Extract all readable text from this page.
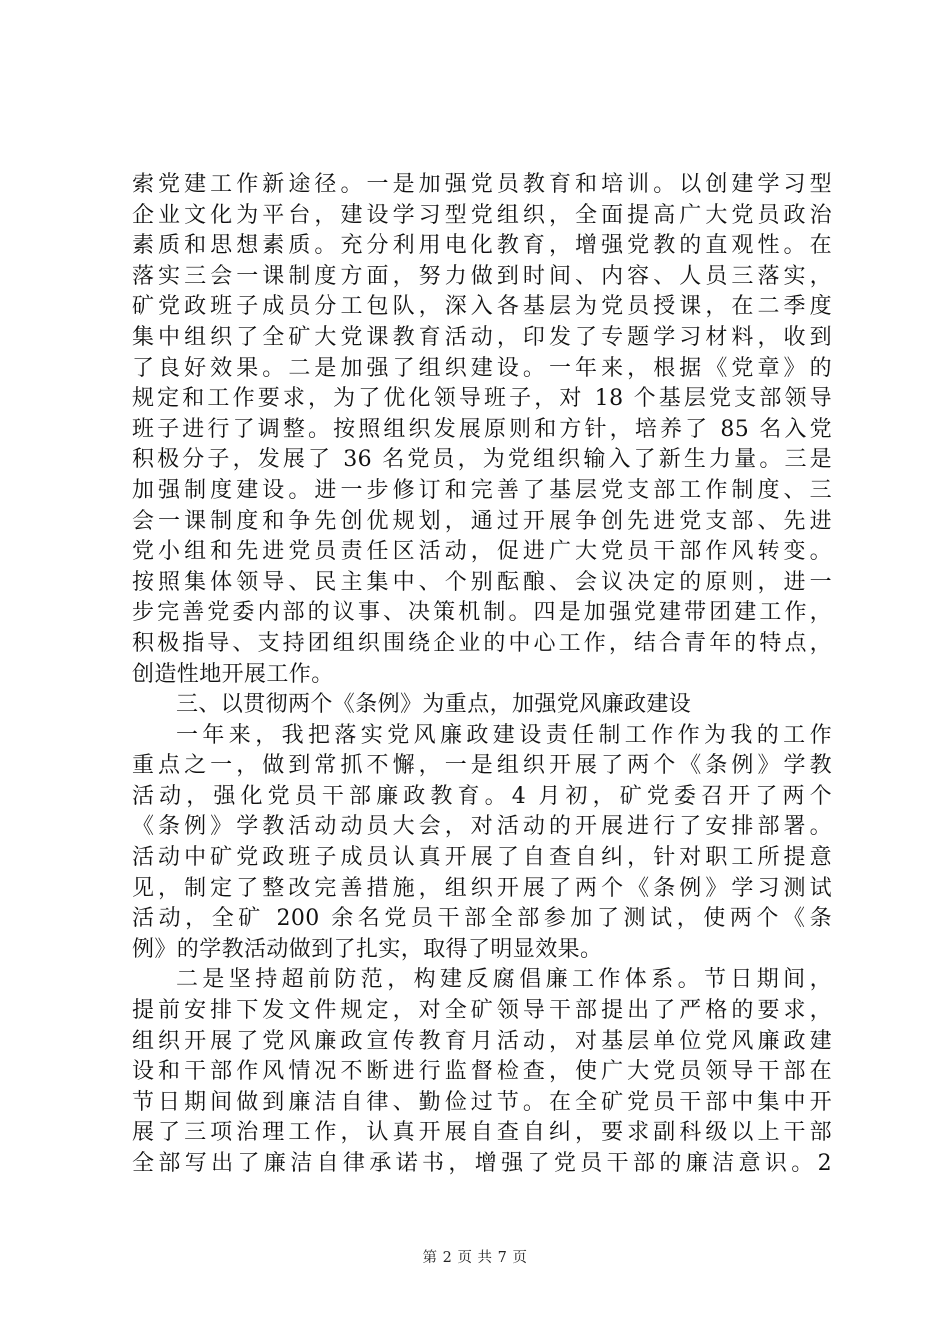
索党建工作新途径。一是加强党员教育和培训。以创建学习型
企业文化为平台，建设学习型党组织，全面提高广大党员政治
素质和思想素质。充分利用电化教育，增强党教的直观性。在
落实三会一课制度方面，努力做到时间、内容、人员三落实，
矿党政班子成员分工包队，深入各基层为党员授课，在二季度
集中组织了全矿大党课教育活动，印发了专题学习材料，收到
了良好效果。二是加强了组织建设。一年来，根据《党章》的
规定和工作要求，为了优化领导班子，对 18 个基层党支部领导
班子进行了调整。按照组织发展原则和方针，培养了 85 名入党
积极分子，发展了 36 名党员，为党组织输入了新生力量。三是
加强制度建设。进一步修订和完善了基层党支部工作制度、三
会一课制度和争先创优规划，通过开展争创先进党支部、先进
党小组和先进党员责任区活动，促进广大党员干部作风转变。
按照集体领导、民主集中、个别酝酿、会议决定的原则，进一
步完善党委内部的议事、决策机制。四是加强党建带团建工作，
积极指导、支持团组织围绕企业的中心工作，结合青年的特点，
创造性地开展工作。
三、以贯彻两个《条例》为重点，加强党风廉政建设
一年来，我把落实党风廉政建设责任制工作作为我的工作
重点之一，做到常抓不懈，一是组织开展了两个《条例》学教
活动，强化党员干部廉政教育。4 月初，矿党委召开了两个
《条例》学教活动动员大会，对活动的开展进行了安排部署。
活动中矿党政班子成员认真开展了自查自纠，针对职工所提意
见，制定了整改完善措施，组织开展了两个《条例》学习测试
活动，全矿 200 余名党员干部全部参加了测试，使两个《条
例》的学教活动做到了扎实，取得了明显效果。
二是坚持超前防范，构建反腐倡廉工作体系。节日期间，
提前安排下发文件规定，对全矿领导干部提出了严格的要求，
组织开展了党风廉政宣传教育月活动，对基层单位党风廉政建
设和干部作风情况不断进行监督检查，使广大党员领导干部在
节日期间做到廉洁自律、勤俭过节。在全矿党员干部中集中开
展了三项治理工作，认真开展自查自纠，要求副科级以上干部
全部写出了廉洁自律承诺书，增强了党员干部的廉洁意识。2
第 2 页 共 7 页
